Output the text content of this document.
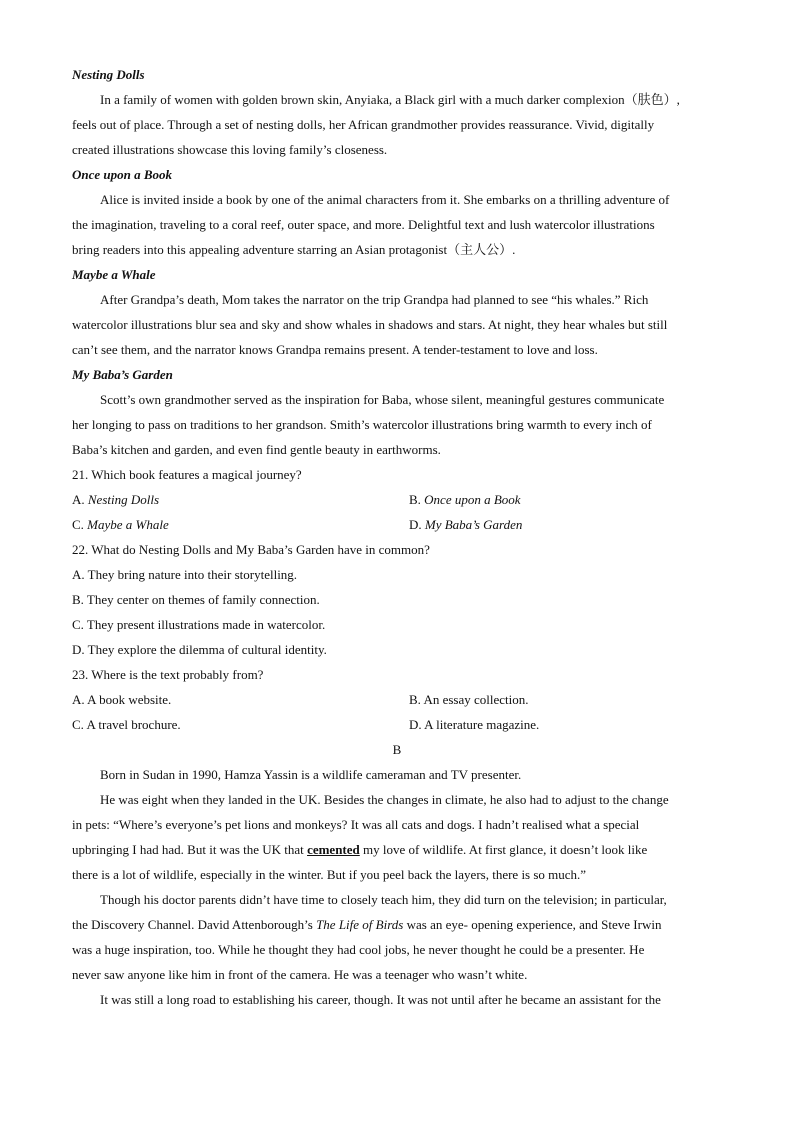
Nesting Dolls
In a family of women with golden brown skin, Anyiaka, a Black girl with a much darker complexion（肤色）,
feels out of place. Through a set of nesting dolls, her African grandmother provides reassurance. Vivid, digitally
created illustrations showcase this loving family’s closeness.
Once upon a Book
Alice is invited inside a book by one of the animal characters from it. She embarks on a thrilling adventure of
the imagination, traveling to a coral reef, outer space, and more. Delightful text and lush watercolor illustrations
bring readers into this appealing adventure starring an Asian protagonist（主人公）.
Maybe a Whale
After Grandpa’s death, Mom takes the narrator on the trip Grandpa had planned to see “his whales.” Rich
watercolor illustrations blur sea and sky and show whales in shadows and stars. At night, they hear whales but still
can’t see them, and the narrator knows Grandpa remains present. A tender-testament to love and loss.
My Baba’s Garden
Scott’s own grandmother served as the inspiration for Baba, whose silent, meaningful gestures communicate
her longing to pass on traditions to her grandson. Smith’s watercolor illustrations bring warmth to every inch of
Baba’s kitchen and garden, and even find gentle beauty in earthworms.
21. Which book features a magical journey?
A. Nesting Dolls	B. Once upon a Book
C. Maybe a Whale	D. My Baba’s Garden
22. What do Nesting Dolls and My Baba’s Garden have in common?
A. They bring nature into their storytelling.
B. They center on themes of family connection.
C. They present illustrations made in watercolor.
D. They explore the dilemma of cultural identity.
23. Where is the text probably from?
A. A book website.	B. An essay collection.
C. A travel brochure.	D. A literature magazine.
B
Born in Sudan in 1990, Hamza Yassin is a wildlife cameraman and TV presenter.
He was eight when they landed in the UK. Besides the changes in climate, he also had to adjust to the change
in pets: “Where’s everyone’s pet lions and monkeys? It was all cats and dogs. I hadn’t realised what a special
upbringing I had had. But it was the UK that cemented my love of wildlife. At first glance, it doesn’t look like
there is a lot of wildlife, especially in the winter. But if you peel back the layers, there is so much.”
Though his doctor parents didn’t have time to closely teach him, they did turn on the television; in particular,
the Discovery Channel. David Attenborough’s The Life of Birds was an eye- opening experience, and Steve Irwin
was a huge inspiration, too. While he thought they had cool jobs, he never thought he could be a presenter. He
never saw anyone like him in front of the camera. He was a teenager who wasn’t white.
It was still a long road to establishing his career, though. It was not until after he became an assistant for the
